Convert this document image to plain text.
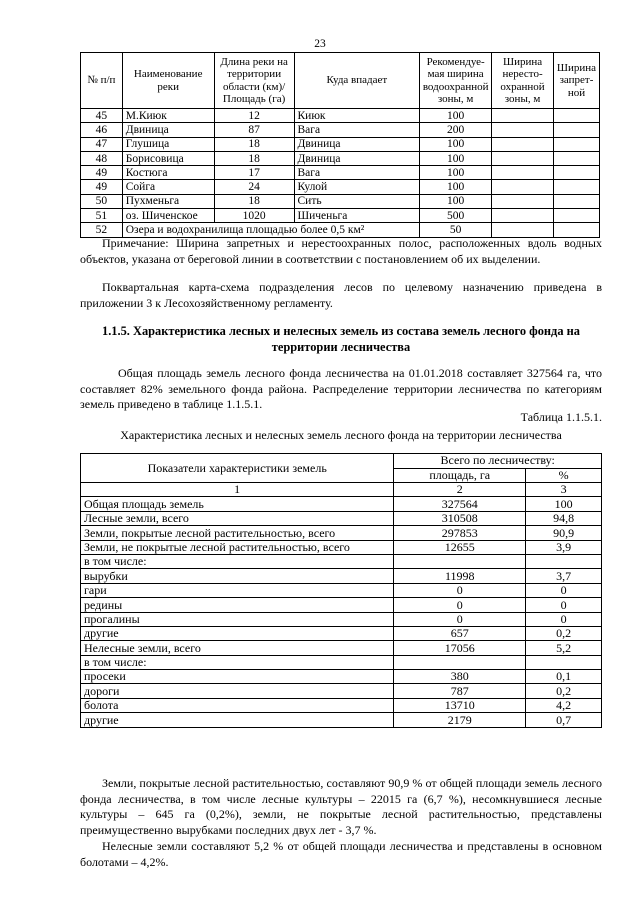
23
№ п/п	Наименование реки	Длина реки на территории области (км)/ Площадь (га)	Куда впадает	Рекомендуе-мая ширина водоохранной зоны, м	Ширина нересто-охранной зоны, м	Ширина запрет-ной
45	М.Киюк	12	Киюк	100		
46	Двиница	87	Вага	200		
47	Глушица	18	Двиница	100		
48	Борисовица	18	Двиница	100		
49	Костюга	17	Вага	100		
49	Сойга	24	Кулой	100		
50	Пухменьга	18	Сить	100		
51	оз. Шиченское	1020	Шиченьга	500		
52	Озера и водохранилища площадью более 0,5 км²			50		
Примечание: Ширина запретных и нерестоохранных полос, расположенных вдоль водных объектов, указана от береговой линии в соответствии с постановлением об их выделении.
Поквартальная карта-схема подразделения лесов по целевому назначению приведена в приложении 3 к Лесохозяйственному регламенту.
1.1.5. Характеристика лесных и нелесных земель из состава земель лесного фонда на территории лесничества
Общая площадь земель лесного фонда лесничества на 01.01.2018 составляет 327564 га, что составляет 82% земельного фонда района. Распределение территории лесничества по категориям земель приведено в таблице 1.1.5.1.
Таблица 1.1.5.1.
Характеристика лесных и нелесных земель лесного фонда на территории лесничества
Показатели характеристики земель	Всего по лесничеству:	
	площадь, га	%
1	2	3
Общая площадь земель	327564	100
Лесные земли, всего	310508	94,8
Земли, покрытые лесной растительностью, всего	297853	90,9
Земли, не покрытые лесной растительностью, всего	12655	3,9
в том числе:		
вырубки	11998	3,7
гари	0	0
редины	0	0
прогалины	0	0
другие	657	0,2
Нелесные земли, всего	17056	5,2
в том числе:		
просеки	380	0,1
дороги	787	0,2
болота	13710	4,2
другие	2179	0,7
Земли, покрытые лесной растительностью, составляют 90,9 % от общей площади земель лесного фонда лесничества, в том числе лесные культуры – 22015 га (6,7 %), несомкнувшиеся лесные культуры – 645 га (0,2%), земли, не покрытые лесной растительностью, представлены преимущественно вырубками последних двух лет - 3,7 %.
Нелесные земли составляют 5,2 % от общей площади лесничества и представлены в основном болотами – 4,2%.
